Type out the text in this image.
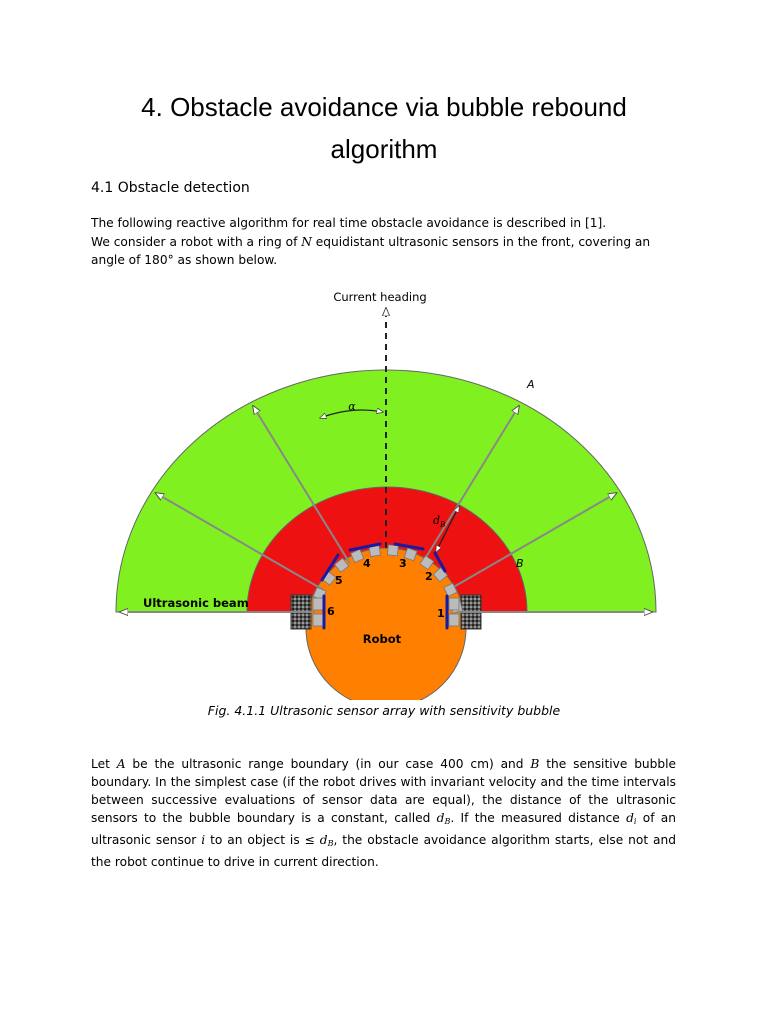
4. Obstacle avoidance via bubble rebound
algorithm
4.1 Obstacle detection

The following reactive algorithm for real time obstacle avoidance is described in [1].

We consider a robot with a ring of N equidistant ultrasonic sensors in the front, covering an

angle of 180° as shown below.

Current heading
α
A
B
$d_B$
Ultrasonic beam
Robot
1
2
3
4
5
6
Fig. 4.1.1 Ultrasonic sensor array with sensitivity bubble

Let A be the ultrasonic range boundary (in our case 400 cm) and B the sensitive bubble boundary. In the simplest case (if the robot drives with invariant velocity and the time intervals between successive evaluations of sensor data are equal), the distance of the ultrasonic sensors to the bubble boundary is a constant, called $d_B$. If the measured distance $d_i$ of an ultrasonic sensor i to an object is ≤ $d_B$, the obstacle avoidance algorithm starts, else not and the robot continue to drive in current direction.
